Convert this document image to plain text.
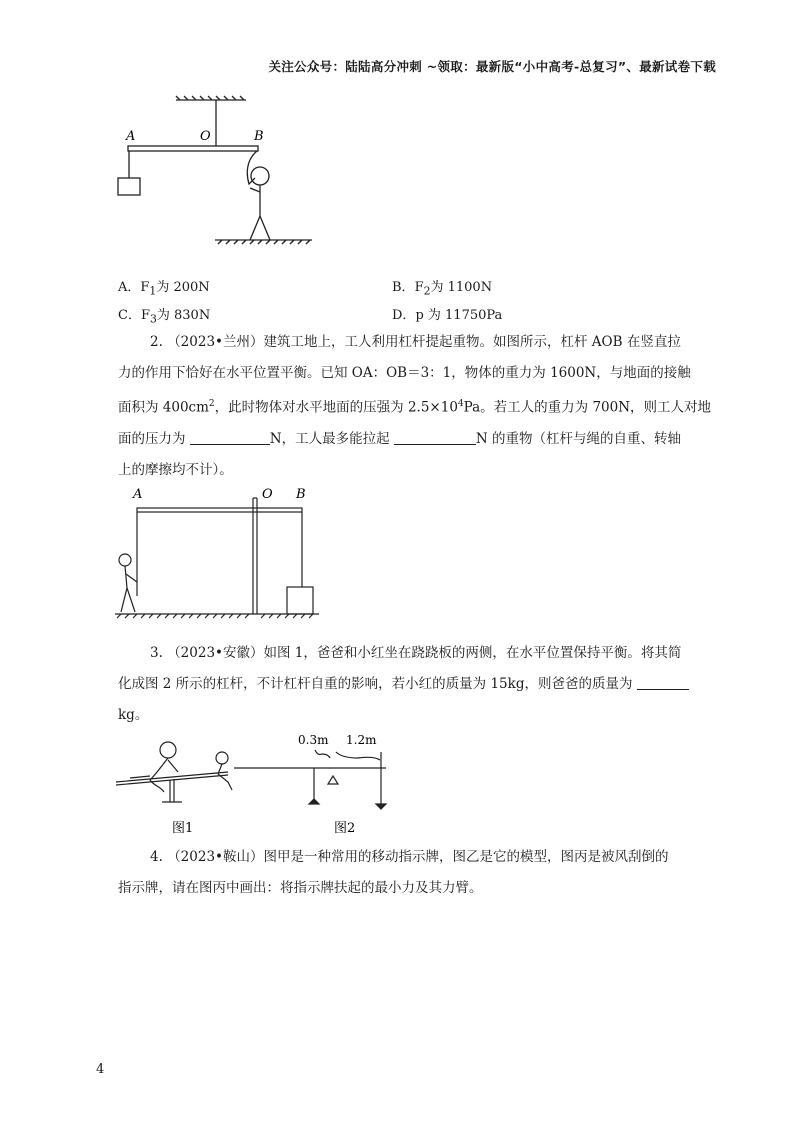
关注公众号：陆陆高分冲刺 ~领取：最新版“小中高考-总复习”、最新试卷下载
A	O	B
A．$F_1$为 200N	B．$F_2$为 1100N
C．$F_3$为 830N	D．p 为 11750Pa
2. （2023•兰州）建筑工地上，工人利用杠杆提起重物。如图所示，杠杆 AOB 在竖直拉
力的作用下恰好在水平位置平衡。已知 OA：OB＝3：1，物体的重力为 1600N，与地面的接触
面积为 $400cm^2$，此时物体对水平地面的压强为 $2.5\times 10^4Pa$。若工人的重力为 700N，则工人对地
面的压力为	N，工人最多能拉起	N 的重物（杠杆与绳的自重、转轴
上的摩擦均不计）。
A	O B
3. （2023•安徽）如图 1，爸爸和小红坐在跷跷板的两侧，在水平位置保持平衡。将其简
化成图 2 所示的杠杆，不计杠杆自重的影响，若小红的质量为 15kg，则爸爸的质量为
kg。
0.3m 1.2m
图1	图2
4. （2023•鞍山）图甲是一种常用的移动指示牌，图乙是它的模型，图丙是被风刮倒的
指示牌，请在图丙中画出：将指示牌扶起的最小力及其力臂。
4
